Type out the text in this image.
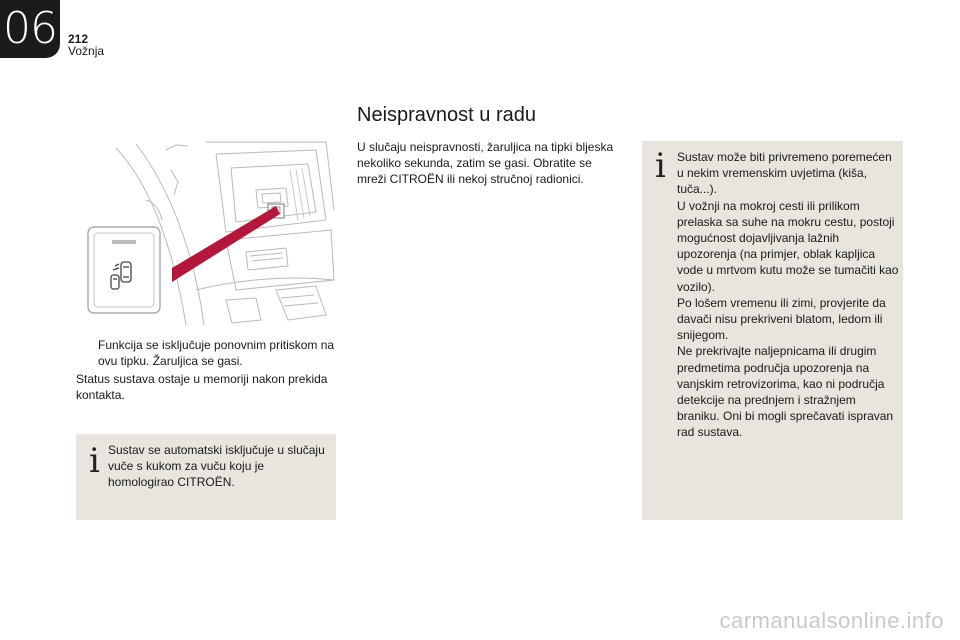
06 212
Vožnja
Funkcija se isključuje ponovnim pritiskom na ovu tipku. Žaruljica se gasi.
Status sustava ostaje u memoriji nakon prekida kontakta.
i Sustav se automatski isključuje u slučaju vuče s kukom za vuču koju je homologirao CITROËN.
Neispravnost u radu

U slučaju neispravnosti, žaruljica na tipki bljeska nekoliko sekunda, zatim se gasi. Obratite se mreži CITROËN ili nekoj stručnoj radionici.	i Sustav može biti privremeno poremećen u nekim vremenskim uvjetima (kiša, tuča...).
U vožnji na mokroj cesti ili prilikom prelaska sa suhe na mokru cestu, postoji mogućnost dojavljivanja lažnih upozorenja (na primjer, oblak kapljica vode u mrtvom kutu može se tumačiti kao vozilo).
Po lošem vremenu ili zimi, provjerite da davači nisu prekriveni blatom, ledom ili snijegom.
Ne prekrivajte naljepnicama ili drugim predmetima područja upozorenja na vanjskim retrovizorima, kao ni područja detekcije na prednjem i stražnjem braniku. Oni bi mogli sprečavati ispravan rad sustava.
carmanualsonline.info
